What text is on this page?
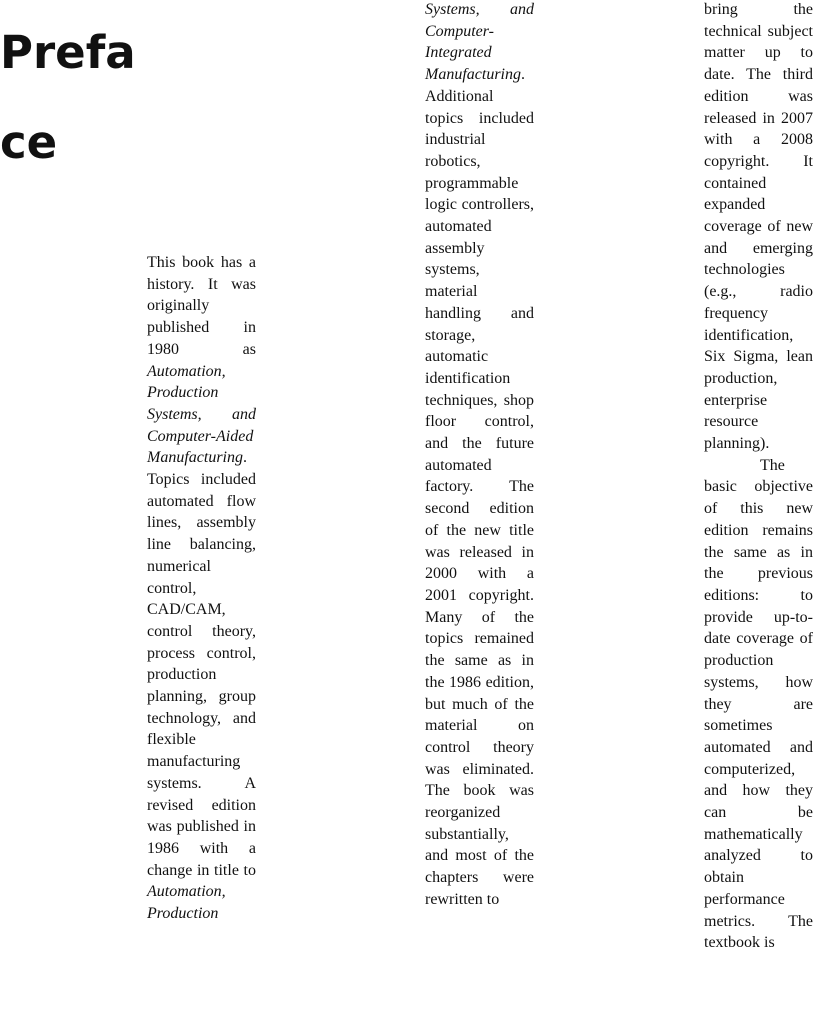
Prefa
ce

This book has a history. It was originally published in 1980 as Automation, Production Systems, and Computer-Aided Manufacturing. Topics included automated flow lines, assembly line balancing, numerical control, CAD/CAM, control theory, process control, production planning, group technology, and flexible manufacturing systems. A revised edition was published in 1986 with a change in title to Automation, Production

Systems, and Computer-Integrated Manufacturing. Additional topics included industrial robotics, programmable logic controllers, automated assembly systems, material handling and storage, automatic identification techniques, shop floor control, and the future automated factory. The second edition of the new title was released in 2000 with a 2001 copyright. Many of the topics remained the same as in the 1986 edition, but much of the material on control theory was eliminated. The book was reorganized substantially, and most of the chapters were rewritten to

bring the technical subject matter up to date. The third edition was released in 2007 with a 2008 copyright. It contained expanded coverage of new and emerging technologies (e.g., radio frequency identification, Six Sigma, lean production, enterprise resource planning).

The basic objective of this new edition remains the same as in the previous editions: to provide up-to-date coverage of production systems, how they are sometimes automated and computerized, and how they can be mathematically analyzed to obtain performance metrics. The textbook is
